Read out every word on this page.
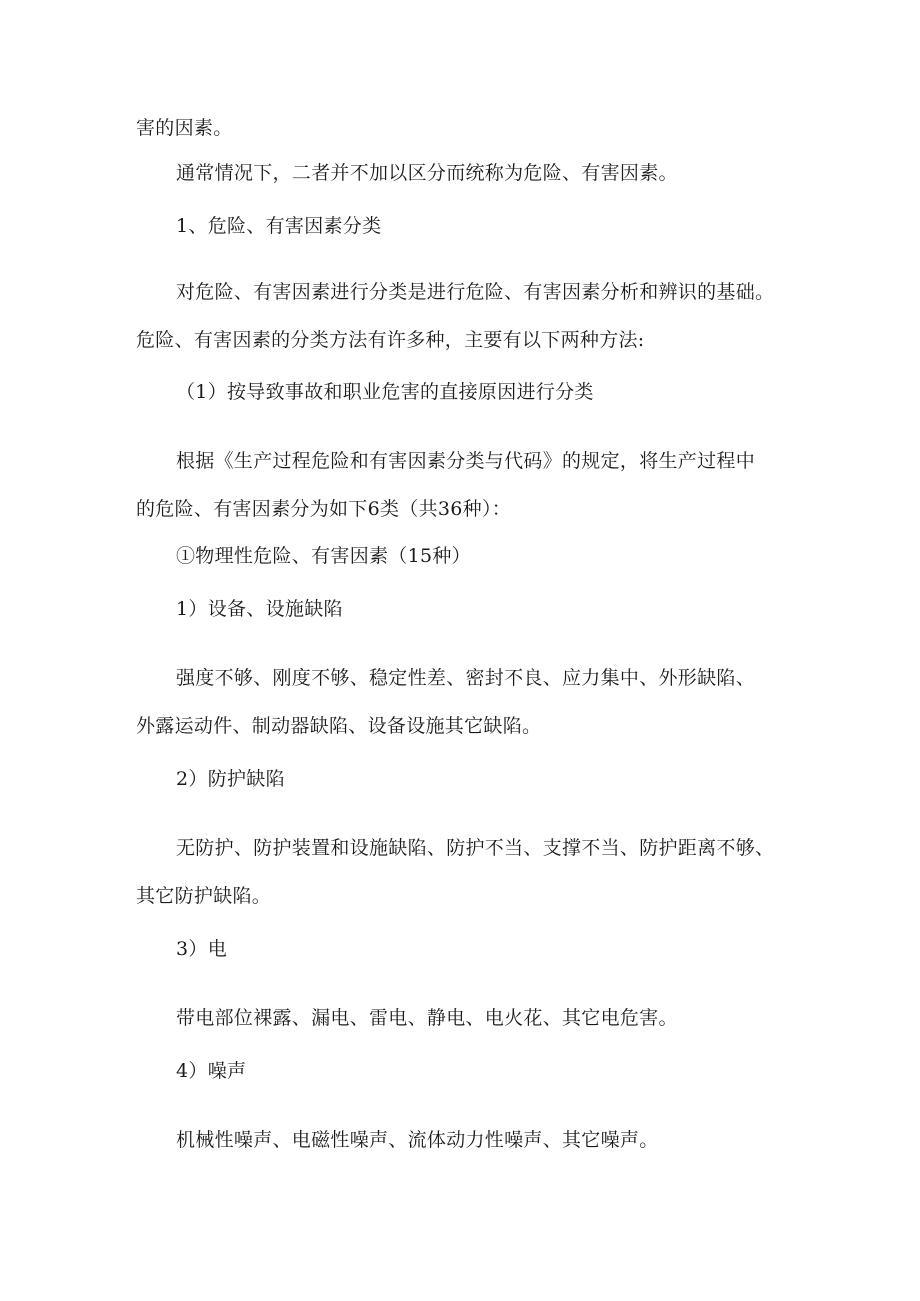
害的因素。
通常情况下，二者并不加以区分而统称为危险、有害因素。
1、危险、有害因素分类
对危险、有害因素进行分类是进行危险、有害因素分析和辨识的基础。
危险、有害因素的分类方法有许多种，主要有以下两种方法:
（1）按导致事故和职业危害的直接原因进行分类
根据《生产过程危险和有害因素分类与代码》的规定，将生产过程中
的危险、有害因素分为如下6类（共36种）：
①物理性危险、有害因素（15种）
1）设备、设施缺陷
强度不够、刚度不够、稳定性差、密封不良、应力集中、外形缺陷、
外露运动件、制动器缺陷、设备设施其它缺陷。
2）防护缺陷
无防护、防护装置和设施缺陷、防护不当、支撑不当、防护距离不够、
其它防护缺陷。
3）电
带电部位裸露、漏电、雷电、静电、电火花、其它电危害。
4）噪声
机械性噪声、电磁性噪声、流体动力性噪声、其它噪声。
